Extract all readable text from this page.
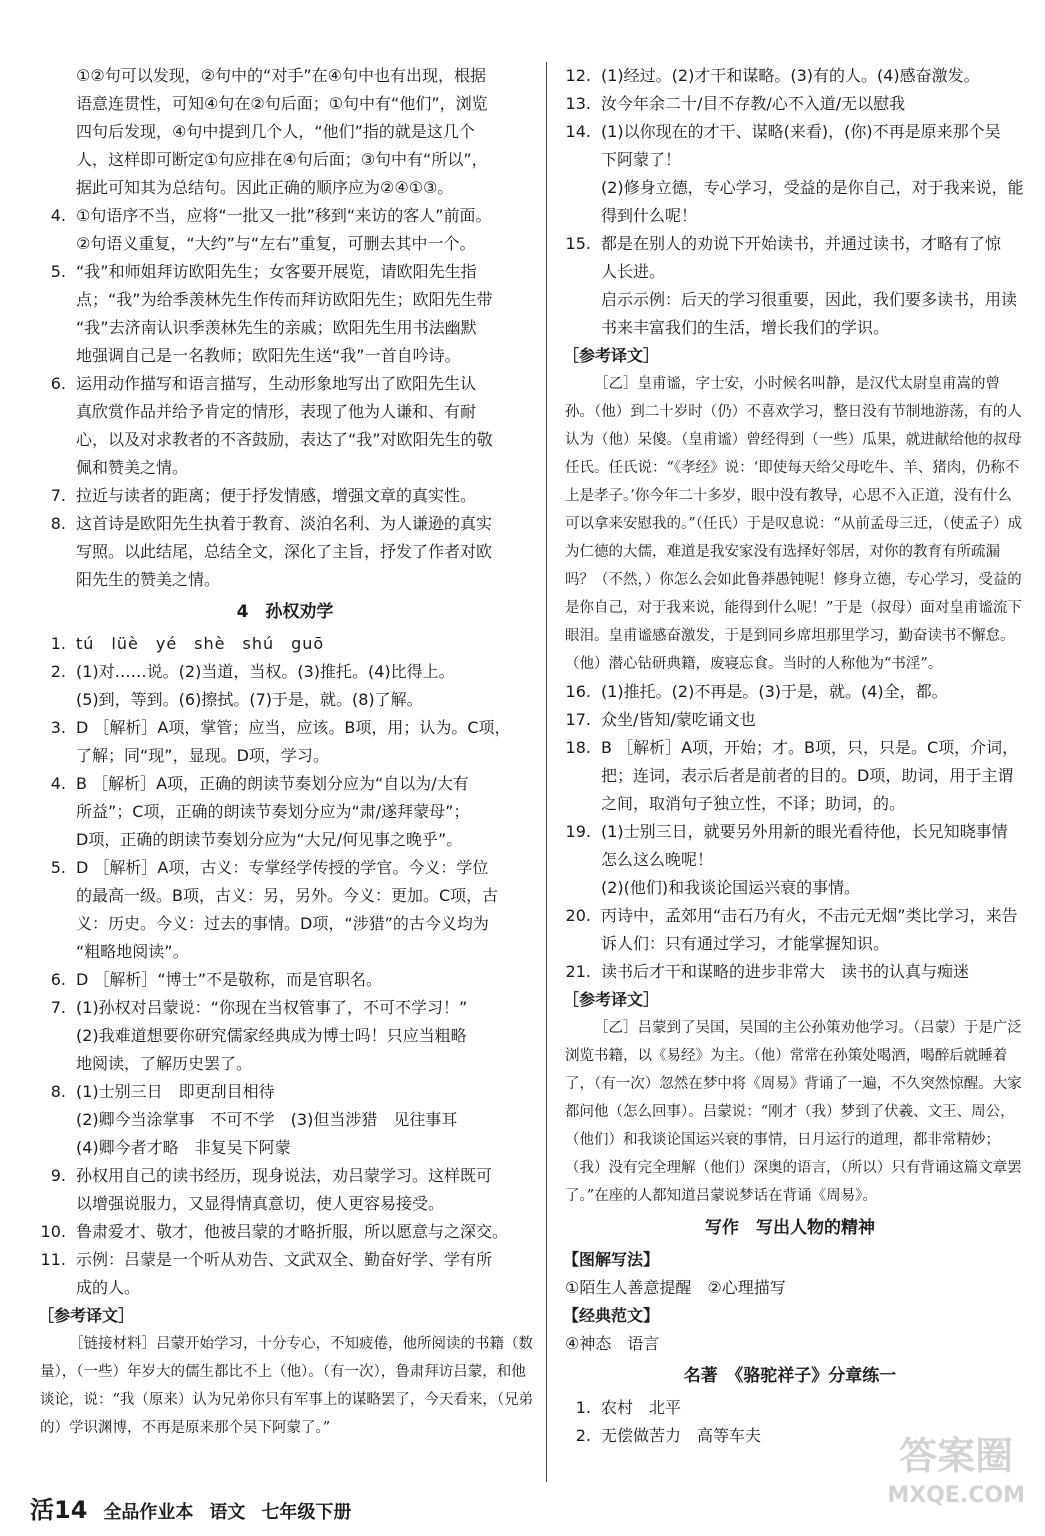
①②句可以发现，②句中的“对手”在④句中也有出现，根据
语意连贯性，可知④句在②句后面；①句中有“他们”，浏览
四句后发现，④句中提到几个人，“他们”指的就是这几个
人，这样即可断定①句应排在④句后面；③句中有“所以”，
据此可知其为总结句。因此正确的顺序应为②④①③。
4. ①句语序不当，应将“一批又一批”移到“来访的客人”前面。
②句语义重复，“大约”与“左右”重复，可删去其中一个。
5. “我”和师姐拜访欧阳先生；女客要开展览，请欧阳先生指
点；“我”为给季羡林先生作传而拜访欧阳先生；欧阳先生带
“我”去济南认识季羡林先生的亲戚；欧阳先生用书法幽默
地强调自己是一名教师；欧阳先生送“我”一首自吟诗。
6. 运用动作描写和语言描写，生动形象地写出了欧阳先生认
真欣赏作品并给予肯定的情形，表现了他为人谦和、有耐
心，以及对求教者的不吝鼓励，表达了“我”对欧阳先生的敬
佩和赞美之情。
7. 拉近与读者的距离；便于抒发情感，增强文章的真实性。
8. 这首诗是欧阳先生执着于教育、淡泊名利、为人谦逊的真实
写照。以此结尾，总结全文，深化了主旨，抒发了作者对欧
阳先生的赞美之情。
4　孙权劝学
1. tú　lüè　yé　shè　shú　guō
2. (1)对……说。(2)当道，当权。(3)推托。(4)比得上。
(5)到，等到。(6)擦拭。(7)于是，就。(8)了解。
3. D ［解析］A项，掌管；应当，应该。B项，用；认为。C项，
了解；同“现”，显现。D项，学习。
4. B ［解析］A项，正确的朗读节奏划分应为“自以为/大有
所益”；C项，正确的朗读节奏划分应为“肃/遂拜蒙母”；
D项，正确的朗读节奏划分应为“大兄/何见事之晚乎”。
5. D ［解析］A项，古义：专掌经学传授的学官。今义：学位
的最高一级。B项，古义：另，另外。今义：更加。C项，古
义：历史。今义：过去的事情。D项，“涉猎”的古今义均为
“粗略地阅读”。
6. D ［解析］“博士”不是敬称，而是官职名。
7. (1)孙权对吕蒙说：“你现在当权管事了，不可不学习！”
(2)我难道想要你研究儒家经典成为博士吗！只应当粗略
地阅读，了解历史罢了。
8. (1)士别三日　即更刮目相待
(2)卿今当涂掌事　不可不学　(3)但当涉猎　见往事耳
(4)卿今者才略　非复吴下阿蒙
9. 孙权用自己的读书经历，现身说法，劝吕蒙学习。这样既可
以增强说服力，又显得情真意切，使人更容易接受。
10. 鲁肃爱才、敬才，他被吕蒙的才略折服，所以愿意与之深交。
11. 示例：吕蒙是一个听从劝告、文武双全、勤奋好学、学有所
成的人。
［参考译文］

［链接材料］吕蒙开始学习，十分专心，不知疲倦，他所阅读的书籍（数量），（一些）年岁大的儒生都比不上（他）。（有一次），鲁肃拜访吕蒙，和他谈论，说：“我（原来）认为兄弟你只有军事上的谋略罢了，今天看来，（兄弟的）学识渊博，不再是原来那个吴下阿蒙了。”

12. (1)经过。(2)才干和谋略。(3)有的人。(4)感奋激发。
13. 汝今年余二十/目不存教/心不入道/无以慰我
14. (1)以你现在的才干、谋略(来看)，(你)不再是原来那个吴
下阿蒙了！
(2)修身立德，专心学习，受益的是你自己，对于我来说，能
得到什么呢！
15. 都是在别人的劝说下开始读书，并通过读书，才略有了惊
人长进。
启示示例：后天的学习很重要，因此，我们要多读书，用读
书来丰富我们的生活，增长我们的学识。
［参考译文］

［乙］皇甫谧，字士安，小时候名叫静，是汉代太尉皇甫嵩的曾孙。（他）到二十岁时（仍）不喜欢学习，整日没有节制地游荡，有的人认为（他）呆傻。（皇甫谧）曾经得到（一些）瓜果，就进献给他的叔母任氏。任氏说：“《孝经》说：‘即使每天给父母吃牛、羊、猪肉，仍称不上是孝子。’你今年二十多岁，眼中没有教导，心思不入正道，没有什么可以拿来安慰我的。”（任氏）于是叹息说：“从前孟母三迁，（使孟子）成为仁德的大儒，难道是我安家没有选择好邻居，对你的教育有所疏漏吗？（不然，）你怎么会如此鲁莽愚钝呢！修身立德，专心学习，受益的是你自己，对于我来说，能得到什么呢！”于是（叔母）面对皇甫谧流下眼泪。皇甫谧感奋激发，于是到同乡席坦那里学习，勤奋读书不懈怠。（他）潜心钻研典籍，废寝忘食。当时的人称他为“书淫”。

16. (1)推托。(2)不再是。(3)于是，就。(4)全，都。
17. 众坐/皆知/蒙吃诵文也
18. B ［解析］A项，开始；才。B项，只，只是。C项，介词，
把；连词，表示后者是前者的目的。D项，助词，用于主谓
之间，取消句子独立性，不译；助词，的。
19. (1)士别三日，就要另外用新的眼光看待他，长兄知晓事情
怎么这么晚呢！
(2)(他们)和我谈论国运兴衰的事情。
20. 丙诗中，孟郊用“击石乃有火，不击元无烟”类比学习，来告
诉人们：只有通过学习，才能掌握知识。
21. 读书后才干和谋略的进步非常大　读书的认真与痴迷
［参考译文］

［乙］吕蒙到了吴国，吴国的主公孙策劝他学习。（吕蒙）于是广泛浏览书籍，以《易经》为主。（他）常常在孙策处喝酒，喝醉后就睡着了，（有一次）忽然在梦中将《周易》背诵了一遍，不久突然惊醒。大家都问他（怎么回事）。吕蒙说：“刚才（我）梦到了伏羲、文王、周公，（他们）和我谈论国运兴衰的事情，日月运行的道理，都非常精妙；（我）没有完全理解（他们）深奥的语言，（所以）只有背诵这篇文章罢了。”在座的人都知道吕蒙说梦话在背诵《周易》。

写作　写出人物的精神
【图解写法】
①陌生人善意提醒　②心理描写
【经典范文】
④神态　语言
名著　《骆驼祥子》分章练一
1. 农村　北平
2. 无偿做苦力　高等车夫
活14 全品作业本 语文 七年级下册
答案圈
MXQE.COM
